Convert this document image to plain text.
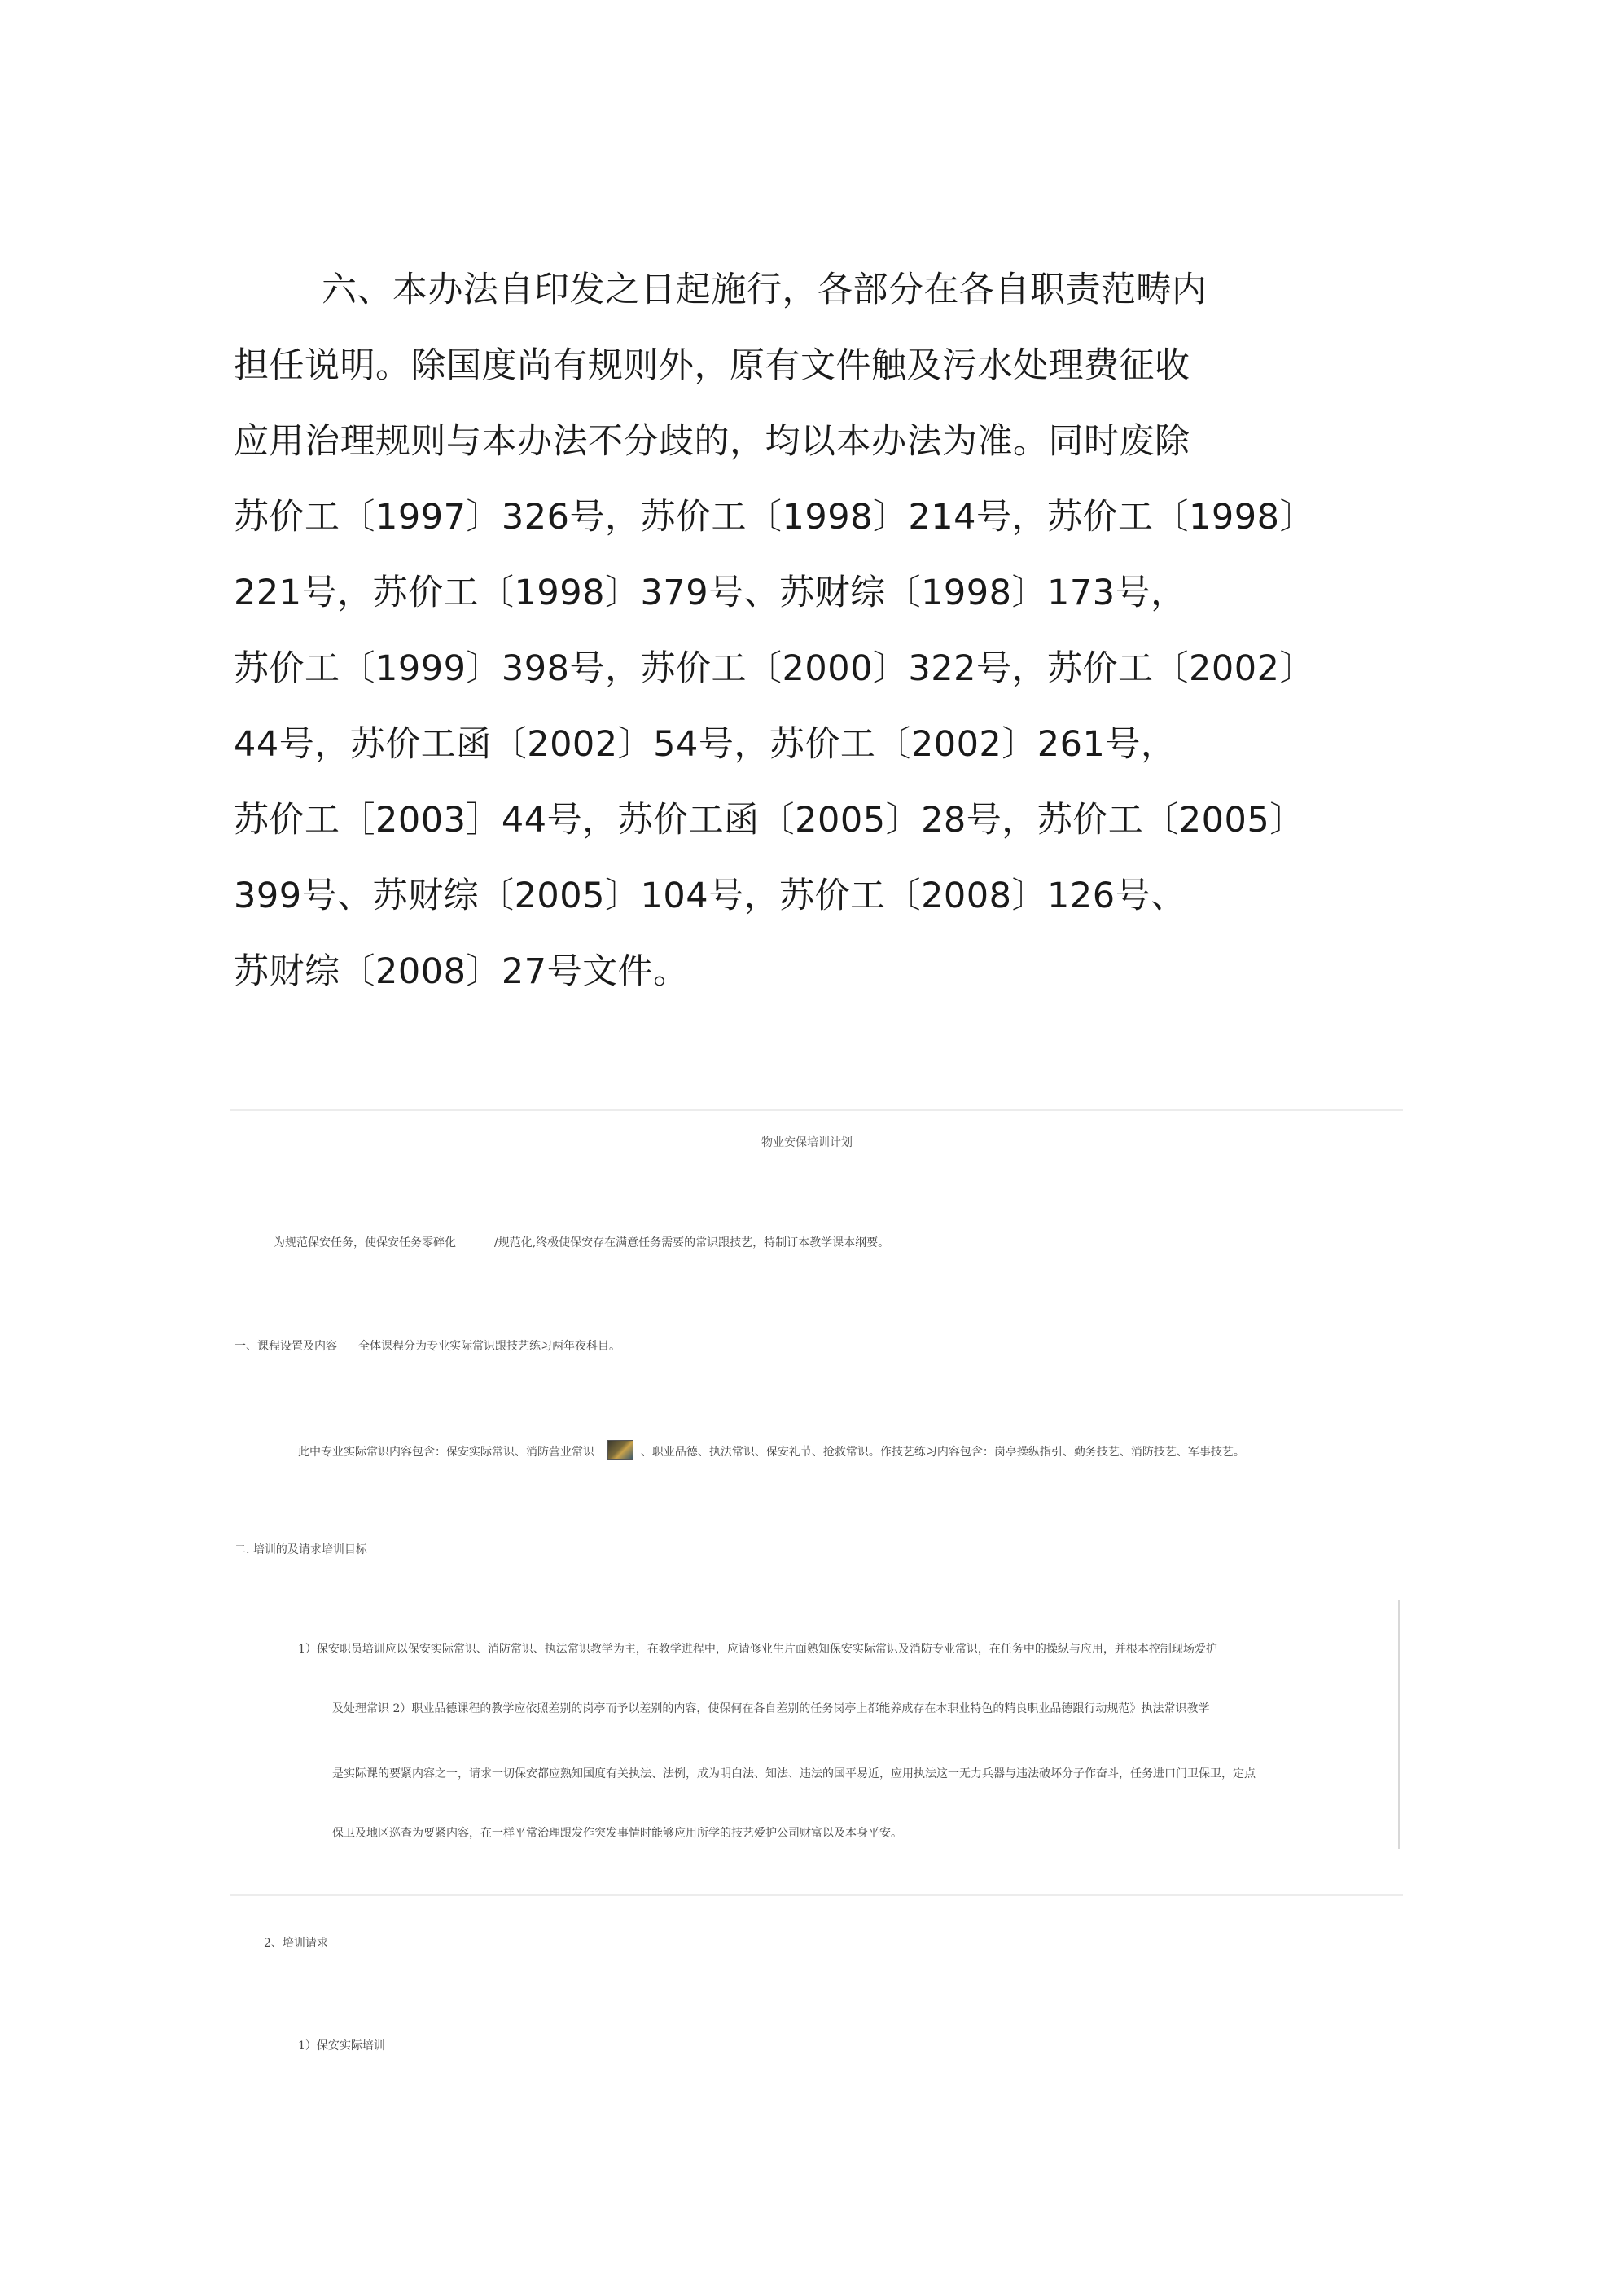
六、本办法自印发之日起施行，各部分在各自职责范畴内
担任说明。除国度尚有规则外，原有文件触及污水处理费征收
应用治理规则与本办法不分歧的，均以本办法为准。同时废除
苏价工〔1997〕326号，苏价工〔1998〕214号，苏价工〔1998〕
221号，苏价工〔1998〕379号、苏财综〔1998〕173号，
苏价工〔1999〕398号，苏价工〔2000〕322号，苏价工〔2002〕
44号，苏价工函〔2002〕54号，苏价工〔2002〕261号，
苏价工［2003］44号，苏价工函〔2005〕28号，苏价工〔2005〕
399号、苏财综〔2005〕104号，苏价工〔2008〕126号、
苏财综〔2008〕27号文件。
物业安保培训计划
为规范保安任务，使保安任务零碎化	/规范化,终极使保安存在满意任务需要的常识跟技艺，特制订本教学课本纲要。
一、课程设置及内容 全体课程分为专业实际常识跟技艺练习两年夜科目。
此中专业实际常识内容包含：保安实际常识、消防营业常识	、职业品德、执法常识、保安礼节、抢救常识。作技艺练习内容包含：岗亭操纵指引、勤务技艺、消防技艺、军事技艺。
二. 培训的及请求培训目标
1）保安职员培训应以保安实际常识、消防常识、执法常识教学为主，在教学进程中，应请修业生片面熟知保安实际常识及消防专业常识，在任务中的操纵与应用，并根本控制现场爱护
及处理常识 2）职业品德课程的教学应依照差别的岗亭而予以差别的内容，使保何在各自差别的任务岗亭上都能养成存在本职业特色的精良职业品德跟行动规范》执法常识教学
是实际课的要紧内容之一，请求一切保安都应熟知国度有关执法、法例，成为明白法、知法、违法的国平易近，应用执法这一无力兵器与违法破坏分子作奋斗，任务进口门卫保卫，定点
保卫及地区巡查为要紧内容，在一样平常治理跟发作突发事情时能够应用所学的技艺爱护公司财富以及本身平安。
2、培训请求
1）保安实际培训
